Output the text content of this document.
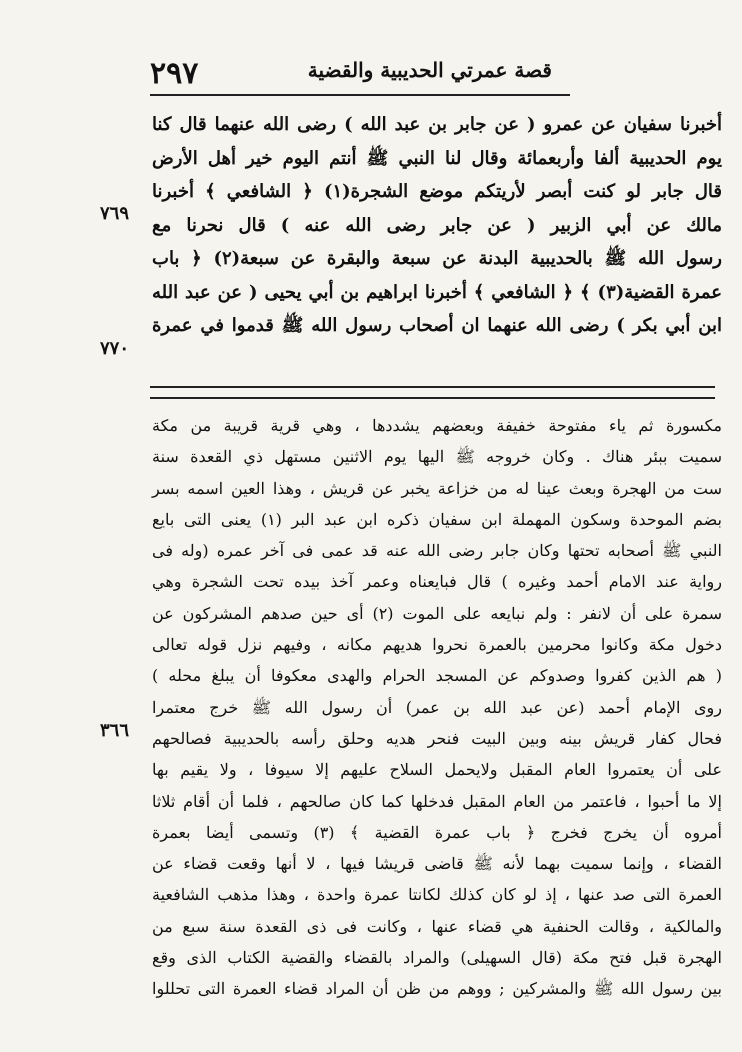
٢٩٧	قصة عمرتي الحديبية والقضية
٧٦٩
٧٧٠
٣٦٦

أخبرنا سفيان عن عمرو ( عن جابر بن عبد الله ) رضى الله عنهما قال كنا

يوم الحديبية ألفا وأربعمائة وقال لنا النبي ﷺ أنتم اليوم خير أهل الأرض

قال جابر لو كنت أبصر لأريتكم موضع الشجرة(١) ﴿ الشافعي ﴾ أخبرنا

مالك عن أبي الزبير ( عن جابر رضى الله عنه ) قال نحرنا مع

رسول الله ﷺ بالحديبية البدنة عن سبعة والبقرة عن سبعة(٢) ﴿ باب

عمرة القضية(٣) ﴾ ﴿ الشافعي ﴾ أخبرنا ابراهيم بن أبي يحيى ( عن عبد الله

ابن أبي بكر ) رضى الله عنهما ان أصحاب رسول الله ﷺ قدموا في عمرة

مكسورة ثم ياء مفتوحة خفيفة وبعضهم يشددها ، وهي قرية قريبة من مكة

سميت ببئر هناك . وكان خروجه ﷺ اليها يوم الاثنين مستهل ذي القعدة سنة

ست من الهجرة وبعث عينا له من خزاعة يخبر عن قريش ، وهذا العين اسمه بسر

بضم الموحدة وسكون المهملة ابن سفيان ذكره ابن عبد البر (١) يعنى التى بايع

النبي ﷺ أصحابه تحتها وكان جابر رضى الله عنه قد عمى فى آخر عمره (وله فى

رواية عند الامام أحمد وغيره ) قال فبايعناه وعمر آخذ بيده تحت الشجرة وهي

سمرة على أن لانفر : ولم نبايعه على الموت (٢) أى حين صدهم المشركون عن

دخول مكة وكانوا محرمين بالعمرة نحروا هديهم مكانه ، وفيهم نزل قوله تعالى

( هم الذين كفروا وصدوكم عن المسجد الحرام والهدى معكوفا أن يبلغ محله )

روى الإمام أحمد (عن عبد الله بن عمر) أن رسول الله ﷺ خرج معتمرا

فحال كفار قريش بينه وبين البيت فنحر هديه وحلق رأسه بالحديبية فصالحهم

على أن يعتمروا العام المقبل ولايحمل السلاح عليهم إلا سيوفا ، ولا يقيم بها

إلا ما أحبوا ، فاعتمر من العام المقبل فدخلها كما كان صالحهم ، فلما أن أقام ثلاثا

أمروه أن يخرج فخرج ﴿ باب عمرة القضية ﴾ (٣) وتسمى أيضا بعمرة

القضاء ، وإنما سميت بهما لأنه ﷺ قاضى قريشا فيها ، لا أنها وقعت قضاء عن

العمرة التى صد عنها ، إذ لو كان كذلك لكانتا عمرة واحدة ، وهذا مذهب الشافعية

والمالكية ، وقالت الحنفية هي قضاء عنها ، وكانت فى ذى القعدة سنة سبع من

الهجرة قبل فتح مكة (قال السهيلى) والمراد بالقضاء والقضية الكتاب الذى وقع

بين رسول الله ﷺ والمشركين ; ووهم من ظن أن المراد قضاء العمرة التى تحللوا
